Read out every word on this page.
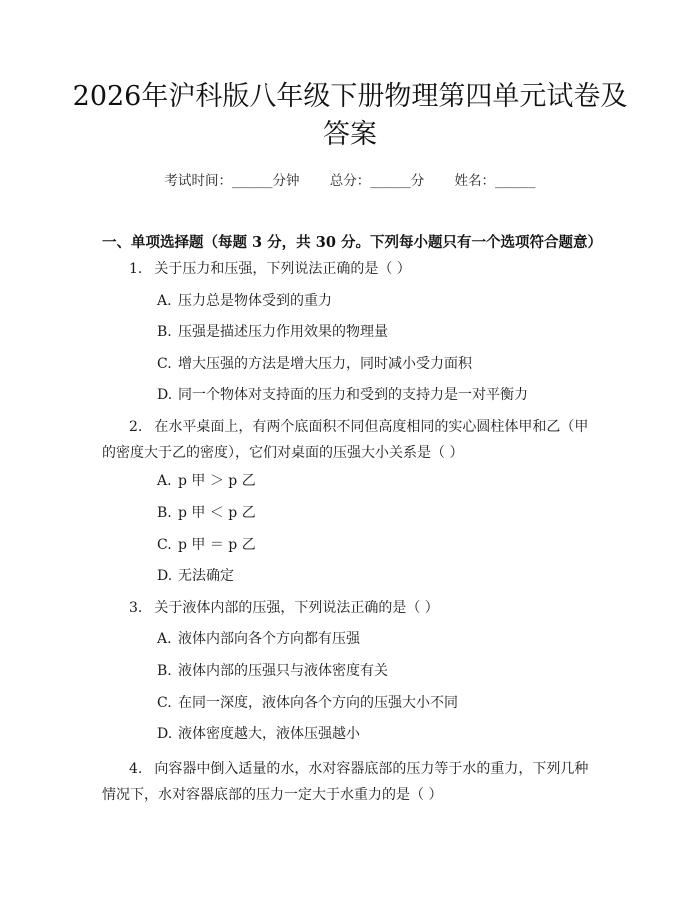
2026年沪科版八年级下册物理第四单元试卷及答案
考试时间：______分钟 总分：______分 姓名：______
一、单项选择题（每题 3 分，共 30 分。下列每小题只有一个选项符合题意）
1. 关于压力和压强，下列说法正确的是（ ）
A. 压力总是物体受到的重力
B. 压强是描述压力作用效果的物理量
C. 增大压强的方法是增大压力，同时减小受力面积
D. 同一个物体对支持面的压力和受到的支持力是一对平衡力
2. 在水平桌面上，有两个底面积不同但高度相同的实心圆柱体甲和乙（甲的密度大于乙的密度），它们对桌面的压强大小关系是（ ）
A. p 甲 ＞ p 乙
B. p 甲 ＜ p 乙
C. p 甲 ＝ p 乙
D. 无法确定
3. 关于液体内部的压强，下列说法正确的是（ ）
A. 液体内部向各个方向都有压强
B. 液体内部的压强只与液体密度有关
C. 在同一深度，液体向各个方向的压强大小不同
D. 液体密度越大，液体压强越小
4. 向容器中倒入适量的水，水对容器底部的压力等于水的重力，下列几种情况下，水对容器底部的压力一定大于水重力的是（ ）
